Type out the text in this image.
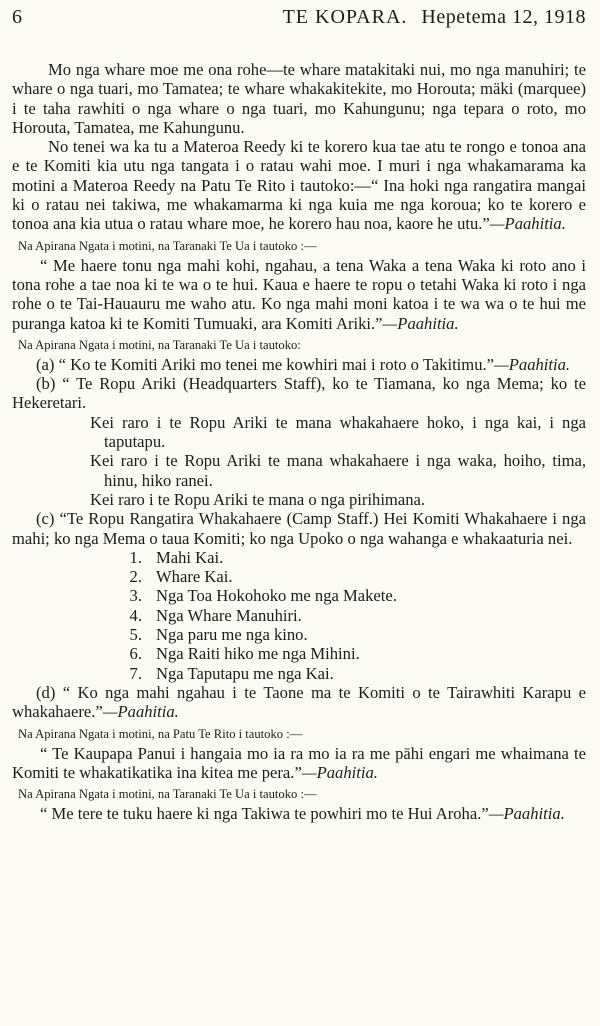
6	TE KOPARA. Hepetema 12, 1918

Mo nga whare moe me ona rohe—te whare matakitaki nui, mo nga manuhiri; te whare o nga tuari, mo Tamatea; te whare whakakitekite, mo Horouta; mäki (marquee) i te taha rawhiti o nga whare o nga tuari, mo Kahungunu; nga tepara o roto, mo Horouta, Tamatea, me Kahungunu.

No tenei wa ka tu a Materoa Reedy ki te korero kua tae atu te rongo e tonoa ana e te Komiti kia utu nga tangata i o ratau wahi moe. I muri i nga whakamarama ka motini a Materoa Reedy na Patu Te Rito i tautoko:—“ Ina hoki nga rangatira mangai ki o ratau nei takiwa, me whakamarma ki nga kuia me nga koroua; ko te korero e tonoa ana kia utua o ratau whare moe, he korero hau noa, kaore he utu.”—Paahitia.

Na Apirana Ngata i motini, na Taranaki Te Ua i tautoko :—

“ Me haere tonu nga mahi kohi, ngahau, a tena Waka a tena Waka ki roto ano i tona rohe a tae noa ki te wa o te hui. Kaua e haere te ropu o tetahi Waka ki roto i nga rohe o te Tai-Hauauru me waho atu. Ko nga mahi moni katoa i te wa wa o te hui me puranga katoa ki te Komiti Tumuaki, ara Komiti Ariki.”—Paahitia.

Na Apirana Ngata i motini, na Taranaki Te Ua i tautoko:

(a) “ Ko te Komiti Ariki mo tenei me kowhiri mai i roto o Takitimu.”—Paahitia.

(b) “ Te Ropu Ariki (Headquarters Staff), ko te Tiamana, ko nga Mema; ko te Hekeretari.

Kei raro i te Ropu Ariki te mana whakahaere hoko, i nga kai, i nga taputapu.

Kei raro i te Ropu Ariki te mana whakahaere i nga waka, hoiho, tima, hinu, hiko ranei.

Kei raro i te Ropu Ariki te mana o nga pirihimana.

(c) “Te Ropu Rangatira Whakahaere (Camp Staff.) Hei Komiti Whakahaere i nga mahi; ko nga Mema o taua Komiti; ko nga Upoko o nga wahanga e whakaaturia nei.

1. Mahi Kai.
2. Whare Kai.
3. Nga Toa Hokohoko me nga Makete.
4. Nga Whare Manuhiri.
5. Nga paru me nga kino.
6. Nga Raiti hiko me nga Mihini.
7. Nga Taputapu me nga Kai.

(d) “ Ko nga mahi ngahau i te Taone ma te Komiti o te Tairawhiti Karapu e whakahaere.”—Paahitia.

Na Apirana Ngata i motini, na Patu Te Rito i tautoko :—

“ Te Kaupapa Panui i hangaia mo ia ra mo ia ra me pāhi engari me whaimana te Komiti te whakatikatika ina kitea me pera.”—Paahitia.

Na Apirana Ngata i motini, na Taranaki Te Ua i tautoko :—

“ Me tere te tuku haere ki nga Takiwa te powhiri mo te Hui Aroha.”—Paahitia.
